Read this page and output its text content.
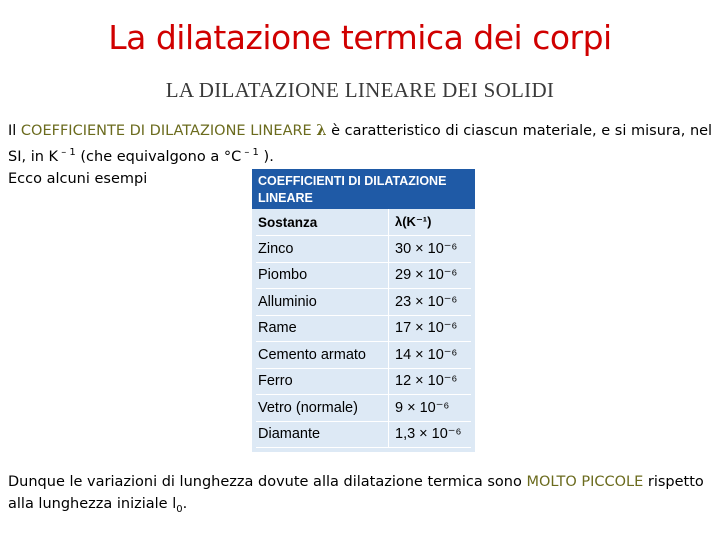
La dilatazione termica dei corpi
LA DILATAZIONE LINEARE DEI SOLIDI
Il COEFFICIENTE DI DILATAZIONE LINEARE λ è caratteristico di ciascun materiale, e si misura, nel SI, in K $^{- 1}$ (che equivalgono a °C $^{- 1}$ ).
Ecco alcuni esempi	COEFFICIENTI DI DILATAZIONE LINEARE
Sostanza	λ(K⁻¹)
Zinco	30 × 10⁻⁶
Piombo	29 × 10⁻⁶
Alluminio	23 × 10⁻⁶
Rame	17 × 10⁻⁶
Cemento armato	14 × 10⁻⁶
Ferro	12 × 10⁻⁶
Vetro (normale)	9 × 10⁻⁶
Diamante	1,3 × 10⁻⁶
Dunque le variazioni di lunghezza dovute alla dilatazione termica sono MOLTO PICCOLE rispetto alla lunghezza iniziale $l_0$.
